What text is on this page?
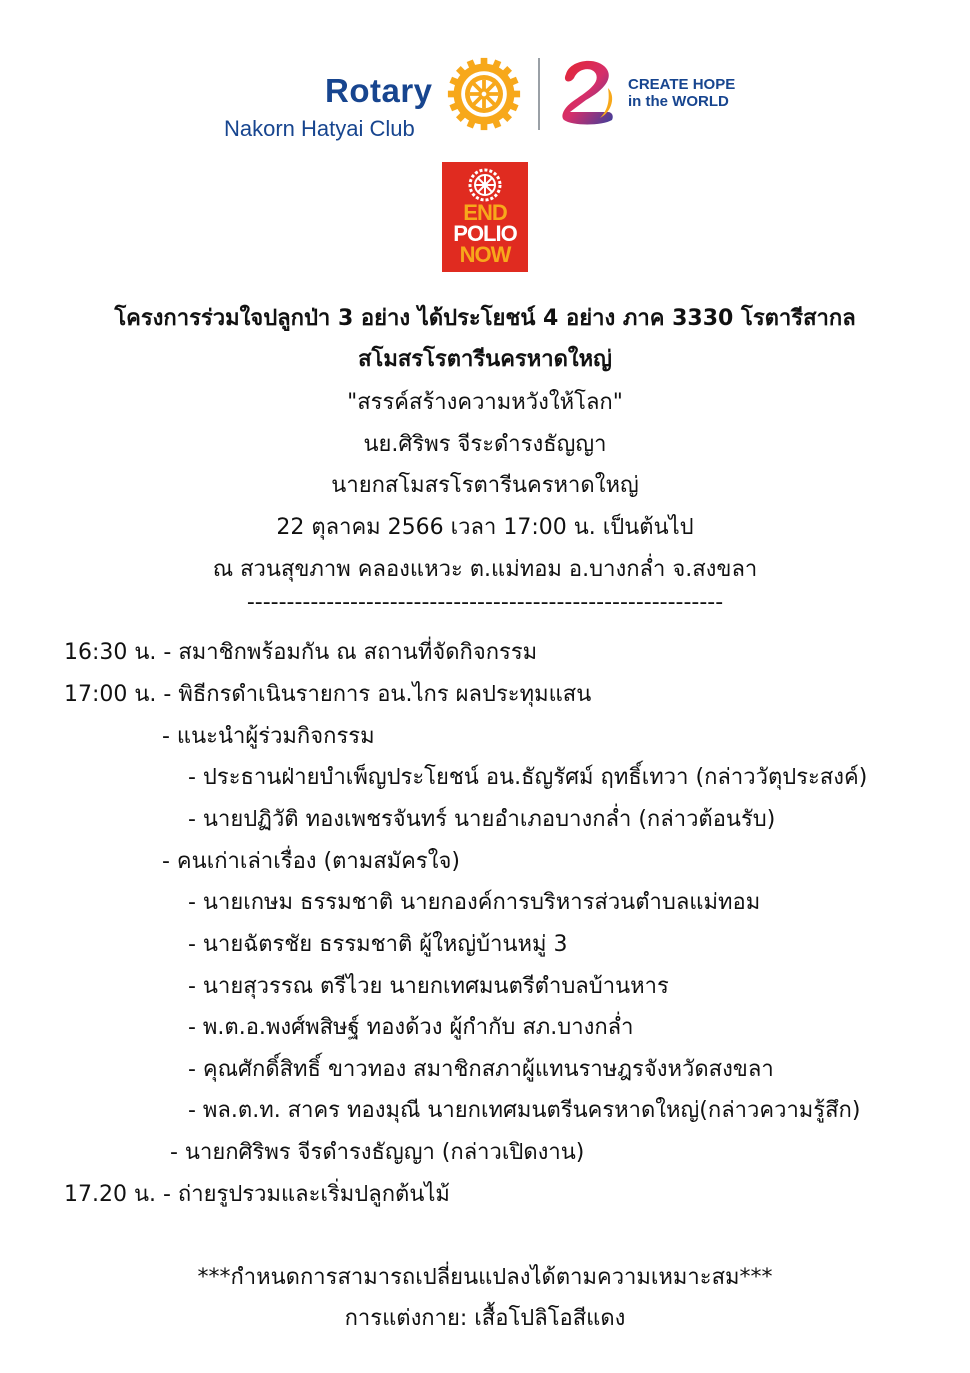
Rotary
Nakorn Hatyai Club
CREATE HOPE
in the WORLD
END
POLIO
NOW
โครงการร่วมใจปลูกป่า 3 อย่าง ได้ประโยชน์ 4 อย่าง ภาค 3330 โรตารีสากล
สโมสรโรตารีนครหาดใหญ่
"สรรค์สร้างความหวังให้โลก"
นย.ศิริพร จีระดำรงธัญญา
นายกสโมสรโรตารีนครหาดใหญ่
22 ตุลาคม 2566 เวลา 17:00 น. เป็นต้นไป
ณ สวนสุขภาพ คลองแหวะ ต.แม่ทอม อ.บางกล่ำ จ.สงขลา
------------------------------------------------------------
16:30 น. - สมาชิกพร้อมกัน ณ สถานที่จัดกิจกรรม
17:00 น. - พิธีกรดำเนินรายการ อน.ไกร ผลประทุมแสน
- แนะนำผู้ร่วมกิจกรรม
- ประธานฝ่ายบำเพ็ญประโยชน์ อน.ธัญรัศม์ ฤทธิ์เทวา (กล่าววัตุประสงค์)
- นายปฏิวัติ ทองเพชรจันทร์ นายอำเภอบางกล่ำ (กล่าวต้อนรับ)
- คนเก่าเล่าเรื่อง (ตามสมัครใจ)
- นายเกษม ธรรมชาติ นายกองค์การบริหารส่วนตำบลแม่ทอม
- นายฉัตรชัย ธรรมชาติ ผู้ใหญ่บ้านหมู่ 3
- นายสุวรรณ ตรีไวย นายกเทศมนตรีตำบลบ้านหาร
- พ.ต.อ.พงศ์พสิษฐ์ ทองด้วง ผู้กำกับ สภ.บางกล่ำ
- คุณศักดิ์สิทธิ์ ขาวทอง สมาชิกสภาผู้แทนราษฎรจังหวัดสงขลา
- พล.ต.ท. สาคร ทองมุณี นายกเทศมนตรีนครหาดใหญ่(กล่าวความรู้สึก)
- นายกศิริพร จีรดำรงธัญญา (กล่าวเปิดงาน)
17.20 น. - ถ่ายรูปรวมและเริ่มปลูกต้นไม้
***กำหนดการสามารถเปลี่ยนแปลงได้ตามความเหมาะสม***
การแต่งกาย: เสื้อโปลิโอสีแดง
